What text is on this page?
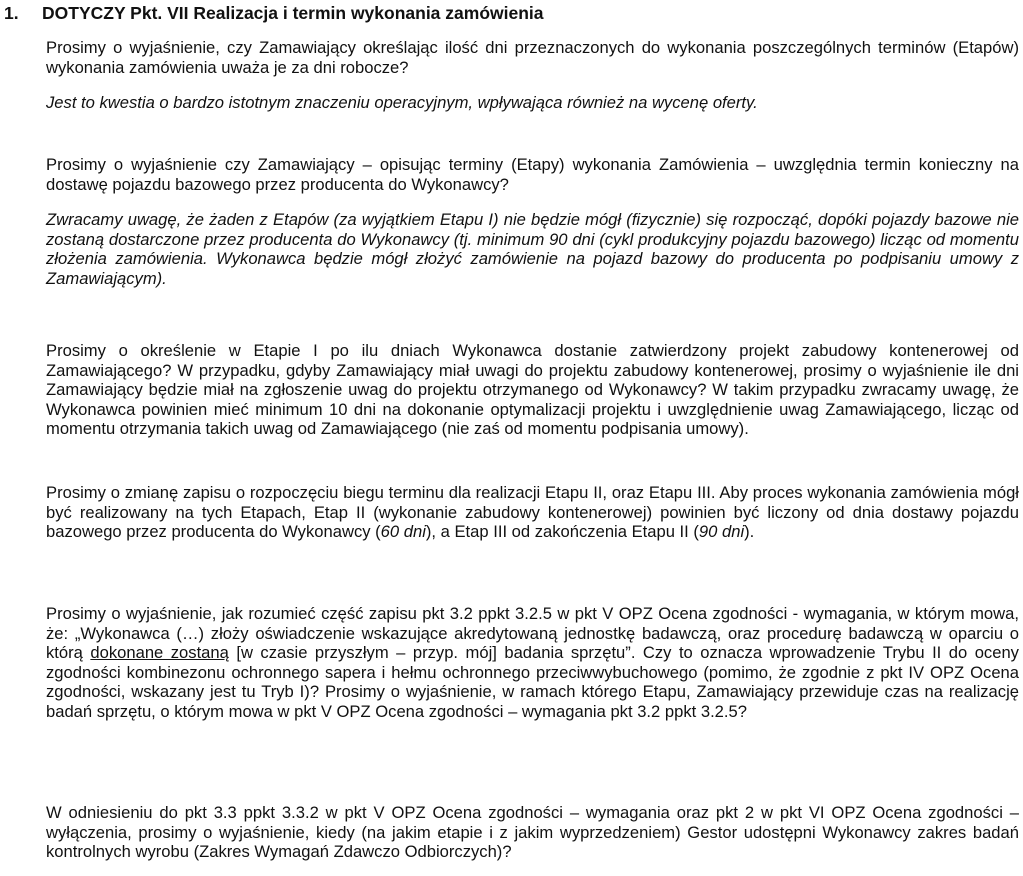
1. DOTYCZY Pkt. VII Realizacja i termin wykonania zamówienia

Prosimy o wyjaśnienie, czy Zamawiający określając ilość dni przeznaczonych do wykonania poszczególnych terminów (Etapów) wykonania zamówienia uważa je za dni robocze?

Jest to kwestia o bardzo istotnym znaczeniu operacyjnym, wpływająca również na wycenę oferty.

Prosimy o wyjaśnienie czy Zamawiający – opisując terminy (Etapy) wykonania Zamówienia – uwzględnia termin konieczny na dostawę pojazdu bazowego przez producenta do Wykonawcy?

Zwracamy uwagę, że żaden z Etapów (za wyjątkiem Etapu I) nie będzie mógł (fizycznie) się rozpocząć, dopóki pojazdy bazowe nie zostaną dostarczone przez producenta do Wykonawcy (tj. minimum 90 dni (cykl produkcyjny pojazdu bazowego) licząc od momentu złożenia zamówienia. Wykonawca będzie mógł złożyć zamówienie na pojazd bazowy do producenta po podpisaniu umowy z Zamawiającym).

Prosimy o określenie w Etapie I po ilu dniach Wykonawca dostanie zatwierdzony projekt zabudowy kontenerowej od Zamawiającego? W przypadku, gdyby Zamawiający miał uwagi do projektu zabudowy kontenerowej, prosimy o wyjaśnienie ile dni Zamawiający będzie miał na zgłoszenie uwag do projektu otrzymanego od Wykonawcy? W takim przypadku zwracamy uwagę, że Wykonawca powinien mieć minimum 10 dni na dokonanie optymalizacji projektu i uwzględnienie uwag Zamawiającego, licząc od momentu otrzymania takich uwag od Zamawiającego (nie zaś od momentu podpisania umowy).

Prosimy o zmianę zapisu o rozpoczęciu biegu terminu dla realizacji Etapu II, oraz Etapu III. Aby proces wykonania zamówienia mógł być realizowany na tych Etapach, Etap II (wykonanie zabudowy kontenerowej) powinien być liczony od dnia dostawy pojazdu bazowego przez producenta do Wykonawcy (60 dni), a Etap III od zakończenia Etapu II (90 dni).

Prosimy o wyjaśnienie, jak rozumieć część zapisu pkt 3.2 ppkt 3.2.5 w pkt V OPZ Ocena zgodności - wymagania, w którym mowa, że: „Wykonawca (…) złoży oświadczenie wskazujące akredytowaną jednostkę badawczą, oraz procedurę badawczą w oparciu o którą dokonane zostaną [w czasie przyszłym – przyp. mój] badania sprzętu”. Czy to oznacza wprowadzenie Trybu II do oceny zgodności kombinezonu ochronnego sapera i hełmu ochronnego przeciwwybuchowego (pomimo, że zgodnie z pkt IV OPZ Ocena zgodności, wskazany jest tu Tryb I)? Prosimy o wyjaśnienie, w ramach którego Etapu, Zamawiający przewiduje czas na realizację badań sprzętu, o którym mowa w pkt V OPZ Ocena zgodności – wymagania pkt 3.2 ppkt 3.2.5?

W odniesieniu do pkt 3.3 ppkt 3.3.2 w pkt V OPZ Ocena zgodności – wymagania oraz pkt 2 w pkt VI OPZ Ocena zgodności – wyłączenia, prosimy o wyjaśnienie, kiedy (na jakim etapie i z jakim wyprzedzeniem) Gestor udostępni Wykonawcy zakres badań kontrolnych wyrobu (Zakres Wymagań Zdawczo Odbiorczych)?
